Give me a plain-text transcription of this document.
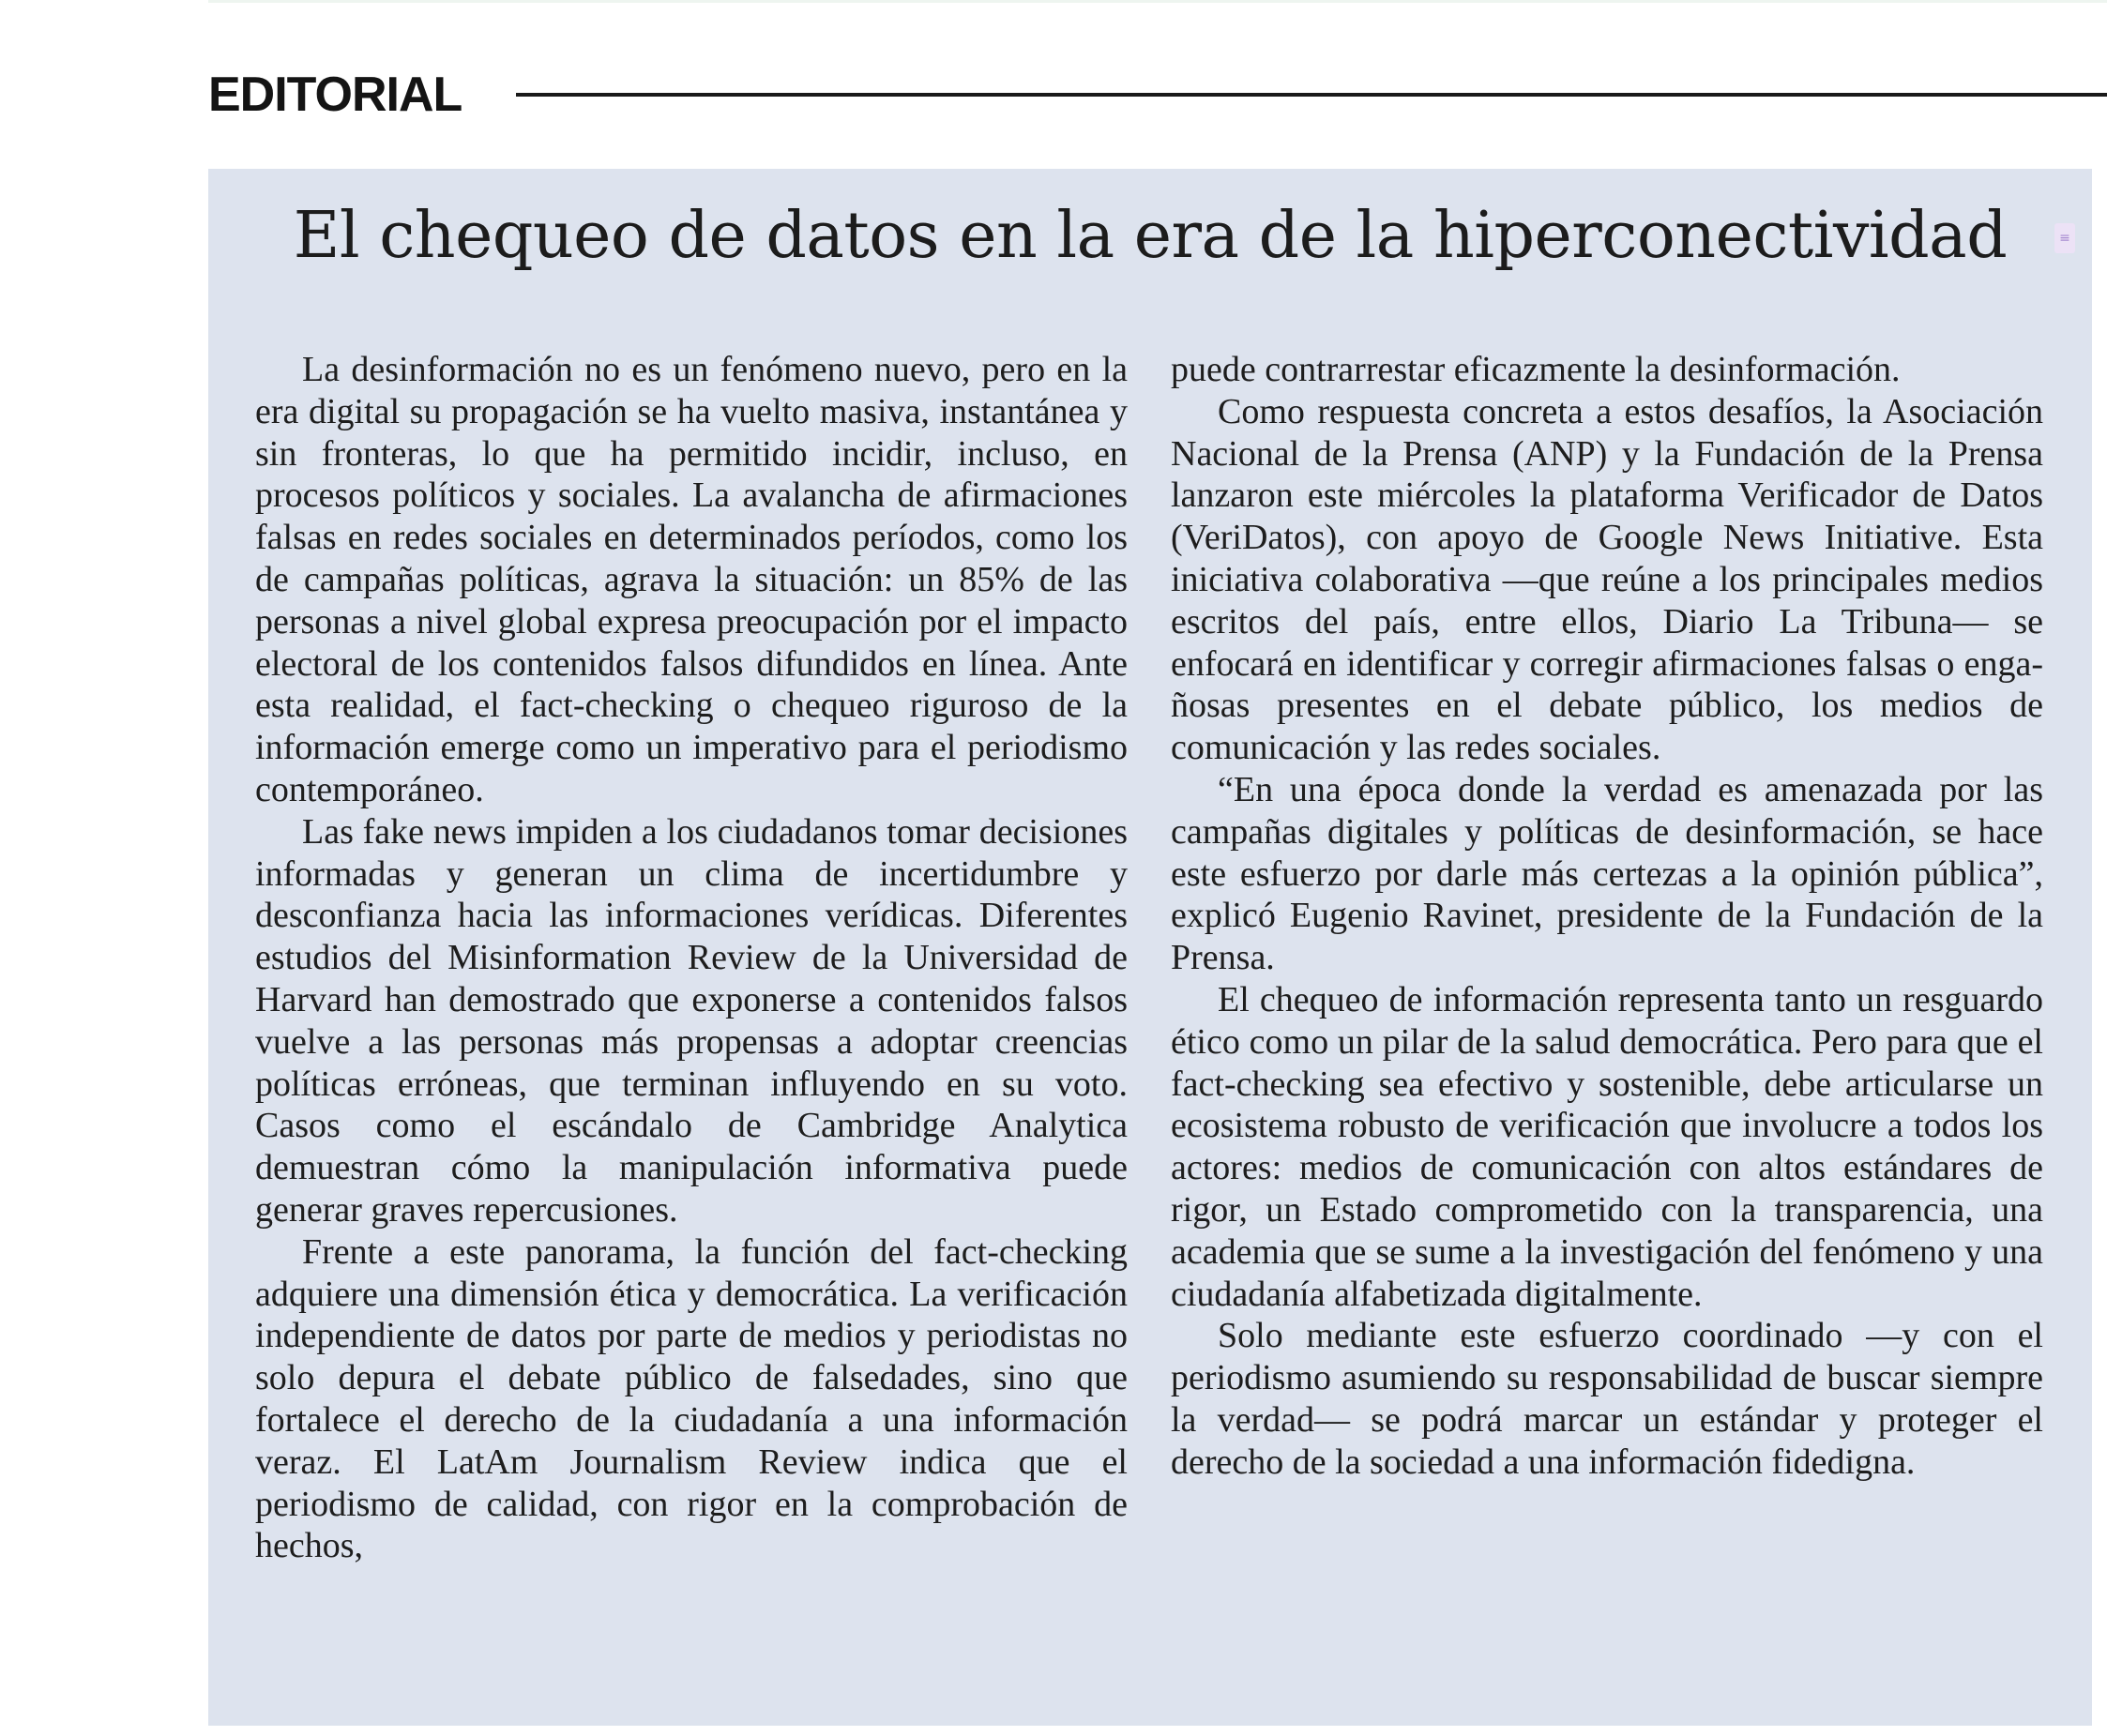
EDITORIAL
El chequeo de datos en la era de la hiperconectividad	≡

La desinformación no es un fenómeno nuevo, pero en la era digital su propagación se ha vuelto masiva, instantánea y sin fronteras, lo que ha permitido incidir, incluso, en procesos políticos y sociales. La avalancha de afirmaciones falsas en redes sociales en determinados períodos, como los de campañas políticas, agrava la situación: un 85% de las personas a nivel global expresa preocupación por el impacto electoral de los contenidos falsos difundidos en línea. Ante esta realidad, el fact-checking o chequeo riguroso de la información emerge como un imperativo para el periodismo contemporáneo.

Las fake news impiden a los ciudadanos tomar decisiones informadas y generan un clima de incertidumbre y desconfianza hacia las informaciones verídicas. Diferentes estudios del Misinformation Review de la Universidad de Harvard han demostrado que exponerse a contenidos falsos vuelve a las personas más propensas a adoptar creencias políticas erróneas, que terminan influyendo en su voto. Casos como el escándalo de Cambridge Analytica demuestran cómo la manipulación informativa puede generar graves repercusiones.

Frente a este panorama, la función del fact-checking adquiere una dimensión ética y democrática. La verificación independiente de datos por parte de medios y periodistas no solo depura el debate público de falsedades, sino que fortalece el derecho de la ciudadanía a una información veraz. El LatAm Journalism Review indica que el periodismo de calidad, con rigor en la comprobación de hechos,

puede contrarrestar eficazmente la desinformación.

Como respuesta concreta a estos desafíos, la Asociación Nacional de la Prensa (ANP) y la Fundación de la Prensa lanzaron este miércoles la plataforma Verificador de Datos (VeriDatos), con apoyo de Google News Initiative. Esta iniciativa colaborativa —que reúne a los principales medios escritos del país, entre ellos, Diario La Tribuna— se enfocará en identificar y corregir afirmaciones falsas o engañosas presentes en el debate público, los medios de comunicación y las redes sociales.

“En una época donde la verdad es amenazada por las campañas digitales y políticas de desinformación, se hace este esfuerzo por darle más certezas a la opinión pública”, explicó Eugenio Ravinet, presidente de la Fundación de la Prensa.

El chequeo de información representa tanto un resguardo ético como un pilar de la salud democrática. Pero para que el fact-checking sea efectivo y sostenible, debe articularse un ecosistema robusto de verificación que involucre a todos los actores: medios de comunicación con altos estándares de rigor, un Estado comprometido con la transparencia, una academia que se sume a la investigación del fenómeno y una ciudadanía alfabetizada digitalmente.

Solo mediante este esfuerzo coordinado —y con el periodismo asumiendo su responsabilidad de buscar siempre la verdad— se podrá marcar un estándar y proteger el derecho de la sociedad a una información fidedigna.
